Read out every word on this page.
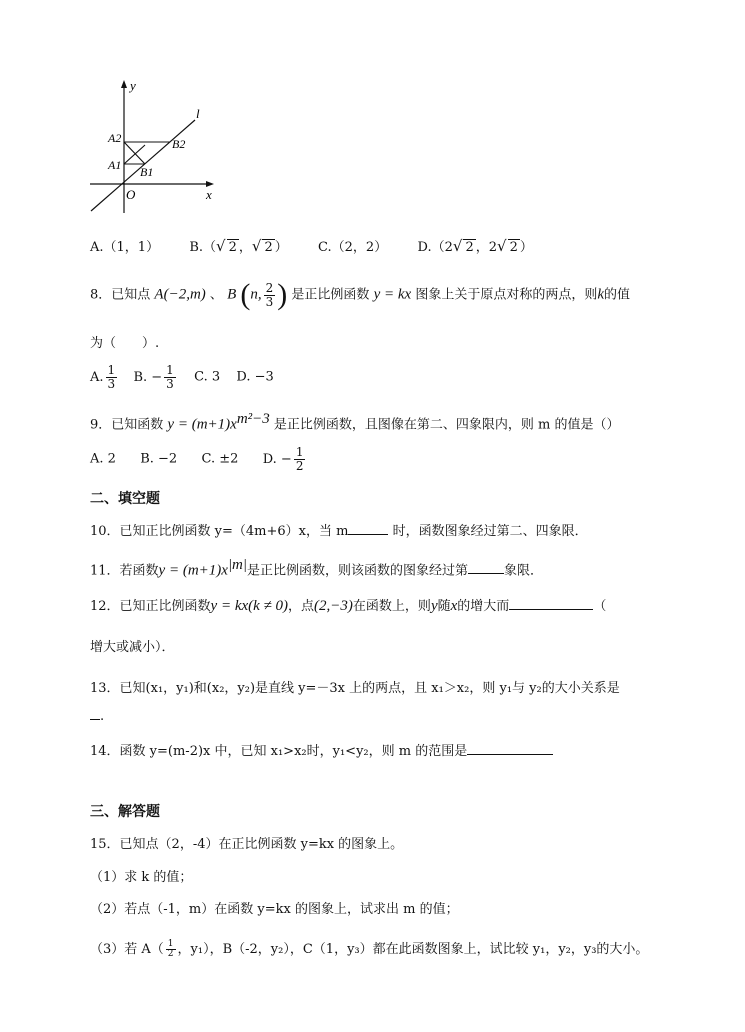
y
x
O
l
A2
A1 B1
B2
A.（1，1） B.（√ 2 ，√ 2 ） C.（2，2） D.（2√ 2 ，2√ 2 ）
8．已知点 A(−2,m) 、 B (n, $\frac{2}{3}$ ) 是正比例函数 y = kx 图象上关于原点对称的两点，则k的值
为（　　）.
A. $\frac{1}{3} B$. − $\frac{1}{3} C$. 3 D. −3
9．已知函数 $y = (m+1)x^{m^2-3}$ 是正比例函数，且图像在第二、四象限内，则 m 的值是（）
A. 2 B. −2 C. ±2 D. − $\frac{1}{2}$
二、填空题
10．已知正比例函数 y=（4m+6）x，当 m	时，函数图象经过第二、四象限．
11．若函数$y = (m+1)x^{|m|}$是正比例函数，则该函数的图象经过第	象限．
12．已知正比例函数y = kx(k ≠ 0)，点(2,−3)在函数上，则y随x的增大而	（
增大或减小）．
13．已知(x₁，y₁)和(x₂，y₂)是直线 y=－3x 上的两点，且 x₁＞x₂，则 y₁与 y₂的大小关系是
.
14．函数 y=(m-2)x 中，已知 x₁>x₂时，y₁<y₂，则 m 的范围是
三、解答题
15．已知点（2，-4）在正比例函数 y=kx 的图象上。
（1）求 k 的值；
（2）若点（-1，m）在函数 y=kx 的图象上，试求出 m 的值；
（3）若 $A( \frac{1}{2}$ ，y₁），B（-2，y₂），C（1，y₃）都在此函数图象上，试比较 y₁，y₂，y₃的大小。
